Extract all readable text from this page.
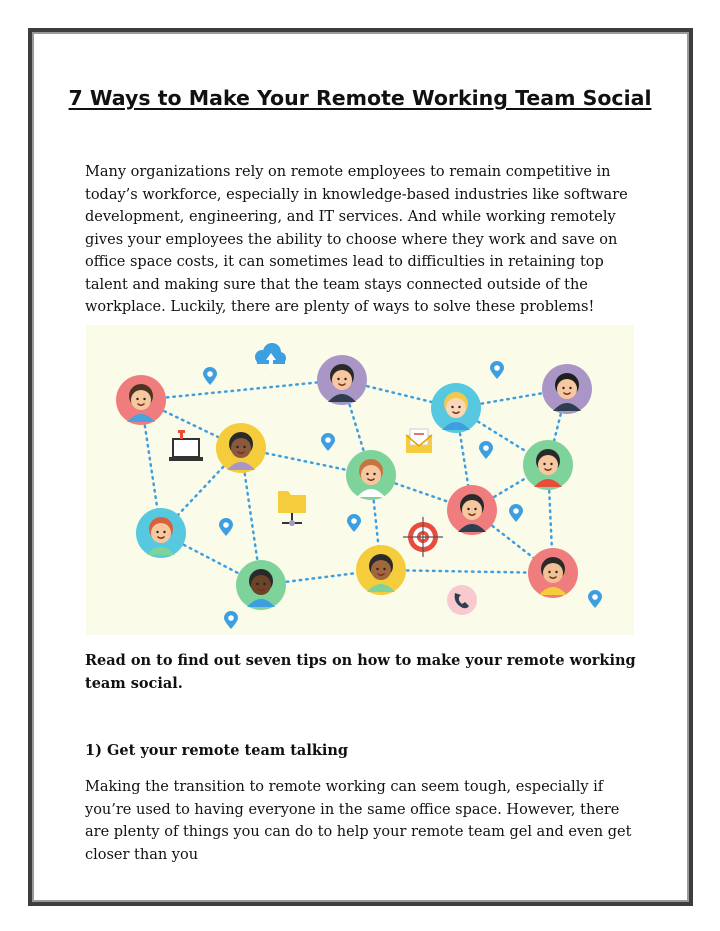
7 Ways to Make Your Remote Working Team Social

Many organizations rely on remote employees to remain competitive in today’s workforce, especially in knowledge-based industries like software development, engineering, and IT services. And while working remotely gives your employees the ability to choose where they work and save on office space costs, it can sometimes lead to difficulties in retaining top talent and making sure that the team stays connected outside of the workplace. Luckily, there are plenty of ways to solve these problems!

Read on to find out seven tips on how to make your remote working team social.

1) Get your remote team talking

Making the transition to remote working can seem tough, especially if you’re used to having everyone in the same office space. However, there are plenty of things you can do to help your remote team gel and even get closer than you
